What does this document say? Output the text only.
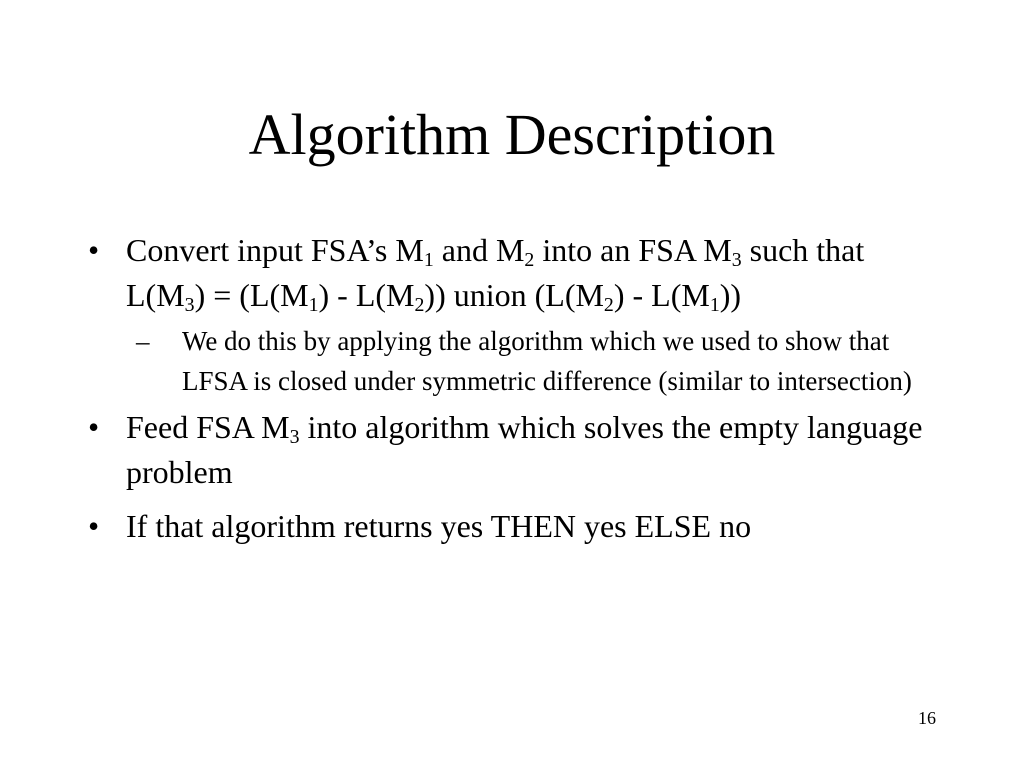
Algorithm Description
• Convert input FSA’s $M_1$ and $M_2$ into an FSA $M_3$ such that $L(M_3) = (L(M_1) - L(M_2))$ union $(L(M_2) - L(M_1))$
– We do this by applying the algorithm which we used to show that LFSA is closed under symmetric difference (similar to intersection)
• Feed FSA $M_3$ into algorithm which solves the empty language problem
• If that algorithm returns yes THEN yes ELSE no
16
